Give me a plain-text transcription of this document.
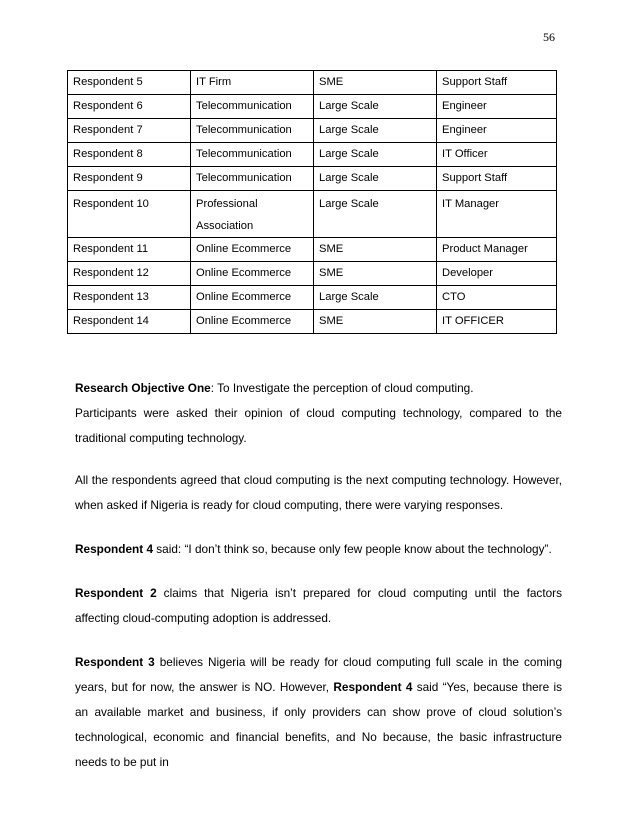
56
Respondent 5	IT Firm	SME	Support Staff
Respondent 6	Telecommunication	Large Scale	Engineer
Respondent 7	Telecommunication	Large Scale	Engineer
Respondent 8	Telecommunication	Large Scale	IT Officer
Respondent 9	Telecommunication	Large Scale	Support Staff
Respondent 10	Professional Association	Large Scale	IT Manager
Respondent 11	Online Ecommerce	SME	Product Manager
Respondent 12	Online Ecommerce	SME	Developer
Respondent 13	Online Ecommerce	Large Scale	CTO
Respondent 14	Online Ecommerce	SME	IT OFFICER

Research Objective One: To Investigate the perception of cloud computing.

Participants were asked their opinion of cloud computing technology, compared to the traditional computing technology.

All the respondents agreed that cloud computing is the next computing technology. However, when asked if Nigeria is ready for cloud computing, there were varying responses.

Respondent 4 said: “I don’t think so, because only few people know about the technology”.

Respondent 2 claims that Nigeria isn’t prepared for cloud computing until the factors affecting cloud-computing adoption is addressed.

Respondent 3 believes Nigeria will be ready for cloud computing full scale in the coming years, but for now, the answer is NO. However, Respondent 4 said “Yes, because there is an available market and business, if only providers can show prove of cloud solution’s technological, economic and financial benefits, and No because, the basic infrastructure needs to be put in
